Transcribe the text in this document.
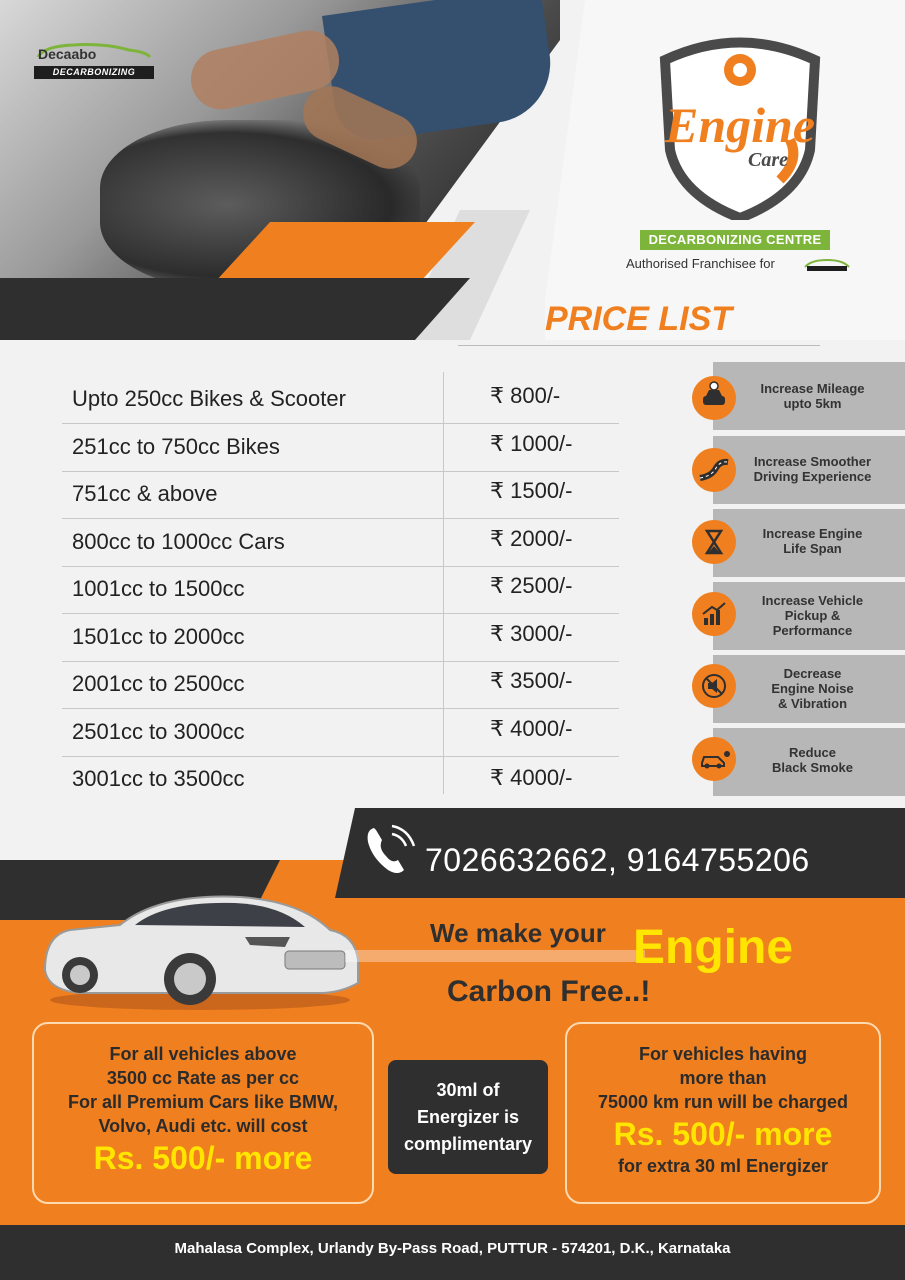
Decaabo
DECARBONIZING
Engine
Care
DECARBONIZING CENTRE
Authorised Franchisee for
PRICE LIST
Upto 250cc Bikes & Scooter	₹ 800/-
251cc to 750cc Bikes	₹ 1000/-
751cc & above	₹ 1500/-
800cc to 1000cc Cars	₹ 2000/-
1001cc to 1500cc	₹ 2500/-
1501cc to 2000cc	₹ 3000/-
2001cc to 2500cc	₹ 3500/-
2501cc to 3000cc	₹ 4000/-
3001cc to 3500cc	₹ 4000/-
Increase Mileage
upto 5km
Increase Smoother
Driving Experience
Increase Engine
Life Span
Increase Vehicle
Pickup &
Performance
Decrease
Engine Noise
& Vibration
Reduce
Black Smoke
7026632662, 9164755206
We make your Engine
Carbon Free..!
For all vehicles above
3500 cc Rate as per cc
For all Premium Cars like BMW,
Volvo, Audi etc. will cost
Rs. 500/- more
30ml of
Energizer is
complimentary
For vehicles having
more than
75000 km run will be charged
Rs. 500/- more
for extra 30 ml Energizer
Mahalasa Complex, Urlandy By-Pass Road, PUTTUR - 574201, D.K., Karnataka
